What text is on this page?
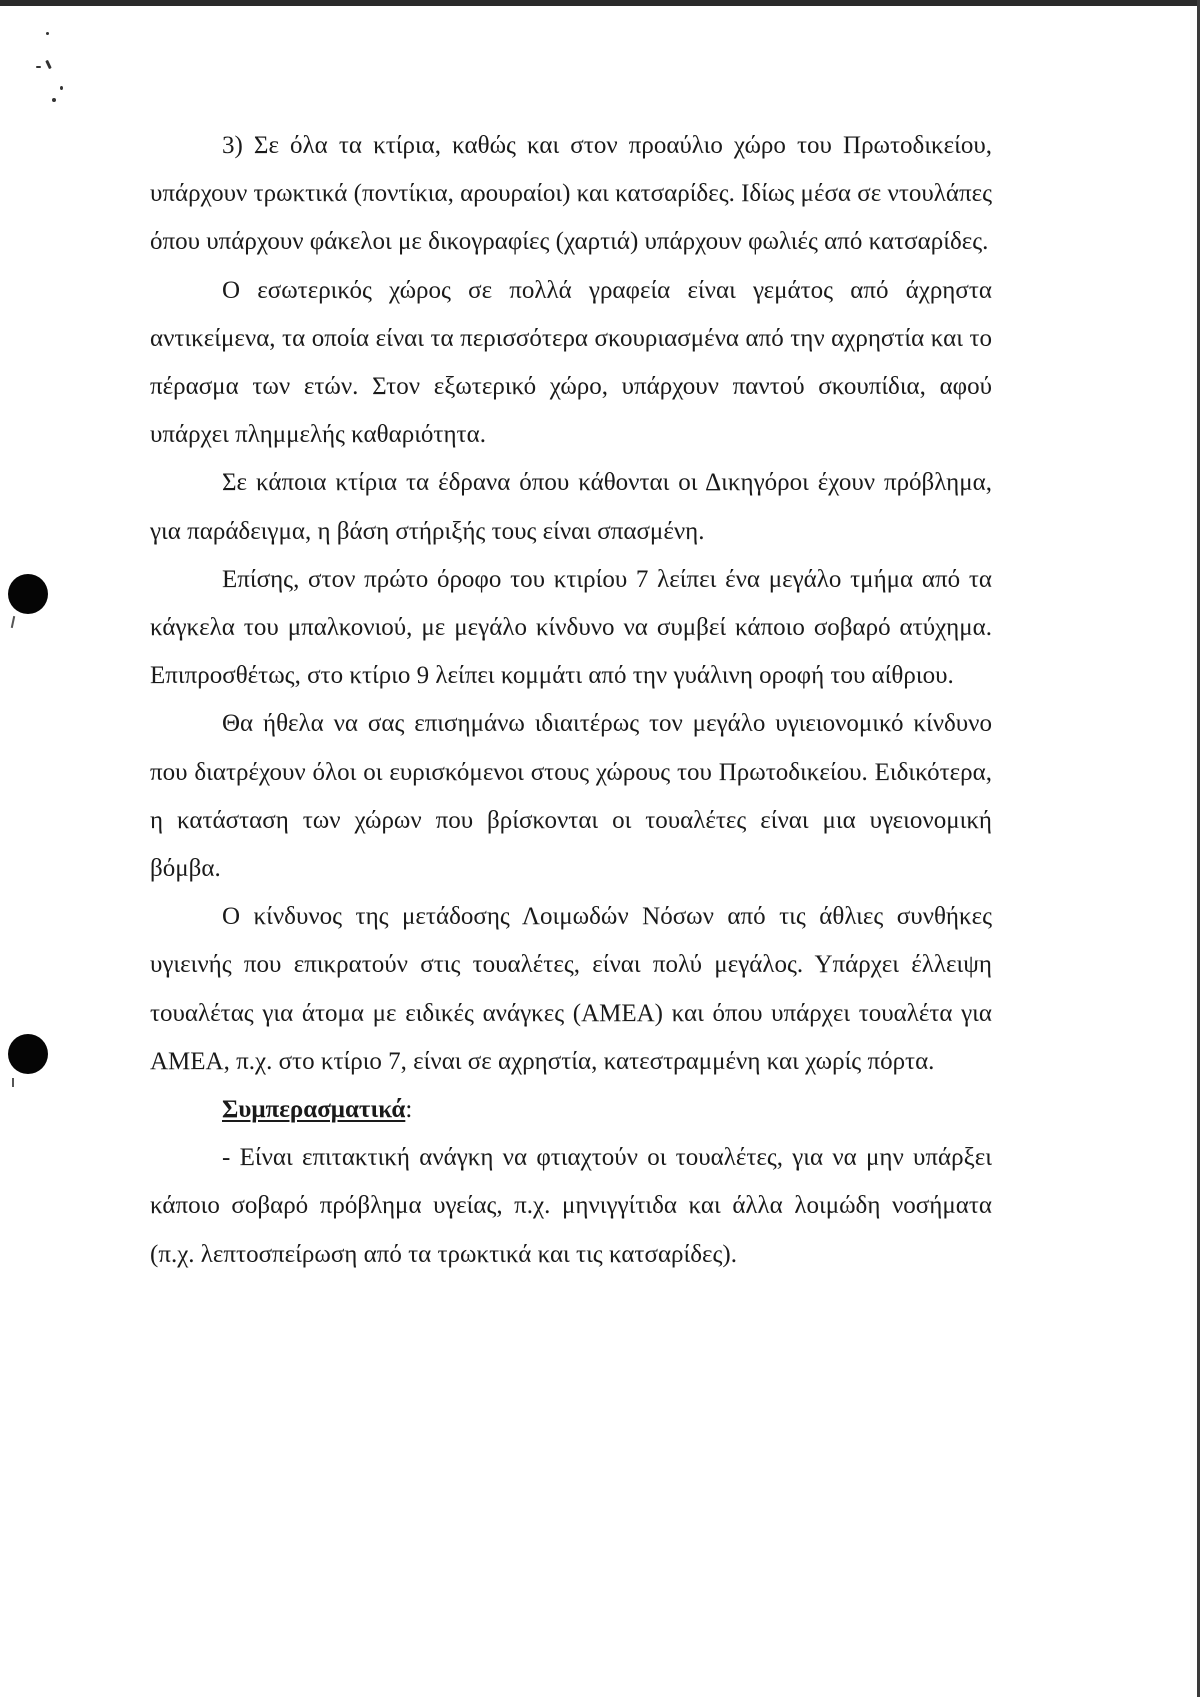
3) Σε όλα τα κτίρια, καθώς και στον προαύλιο χώρο του Πρωτοδικείου, υπάρχουν τρωκτικά (ποντίκια, αρουραίοι) και κατσαρίδες. Ιδίως μέσα σε ντουλάπες όπου υπάρχουν φάκελοι με δικογραφίες (χαρτιά) υπάρχουν φωλιές από κατσαρίδες.

Ο εσωτερικός χώρος σε πολλά γραφεία είναι γεμάτος από άχρηστα αντικείμενα, τα οποία είναι τα περισσότερα σκουριασμένα από την αχρηστία και το πέρασμα των ετών. Στον εξωτερικό χώρο, υπάρχουν παντού σκουπίδια, αφού υπάρχει πλημμελής καθαριότητα.

Σε κάποια κτίρια τα έδρανα όπου κάθονται οι Δικηγόροι έχουν πρόβλημα, για παράδειγμα, η βάση στήριξής τους είναι σπασμένη.

Επίσης, στον πρώτο όροφο του κτιρίου 7 λείπει ένα μεγάλο τμήμα από τα κάγκελα του μπαλκονιού, με μεγάλο κίνδυνο να συμβεί κάποιο σοβαρό ατύχημα. Επιπροσθέτως, στο κτίριο 9 λείπει κομμάτι από την γυάλινη οροφή του αίθριου.

Θα ήθελα να σας επισημάνω ιδιαιτέρως τον μεγάλο υγιειονομικό κίνδυνο που διατρέχουν όλοι οι ευρισκόμενοι στους χώρους του Πρωτοδικείου. Ειδικότερα, η κατάσταση των χώρων που βρίσκονται οι τουαλέτες είναι μια υγειονομική βόμβα.

Ο κίνδυνος της μετάδοσης Λοιμωδών Νόσων από τις άθλιες συνθήκες υγιεινής που επικρατούν στις τουαλέτες, είναι πολύ μεγάλος. Υπάρχει έλλειψη τουαλέτας για άτομα με ειδικές ανάγκες (ΑΜΕΑ) και όπου υπάρχει τουαλέτα για ΑΜΕΑ, π.χ. στο κτίριο 7, είναι σε αχρηστία, κατεστραμμένη και χωρίς πόρτα.

Συμπερασματικά:

- Είναι επιτακτική ανάγκη να φτιαχτούν οι τουαλέτες, για να μην υπάρξει κάποιο σοβαρό πρόβλημα υγείας, π.χ. μηνιγγίτιδα και άλλα λοιμώδη νοσήματα (π.χ. λεπτοσπείρωση από τα τρωκτικά και τις κατσαρίδες).
